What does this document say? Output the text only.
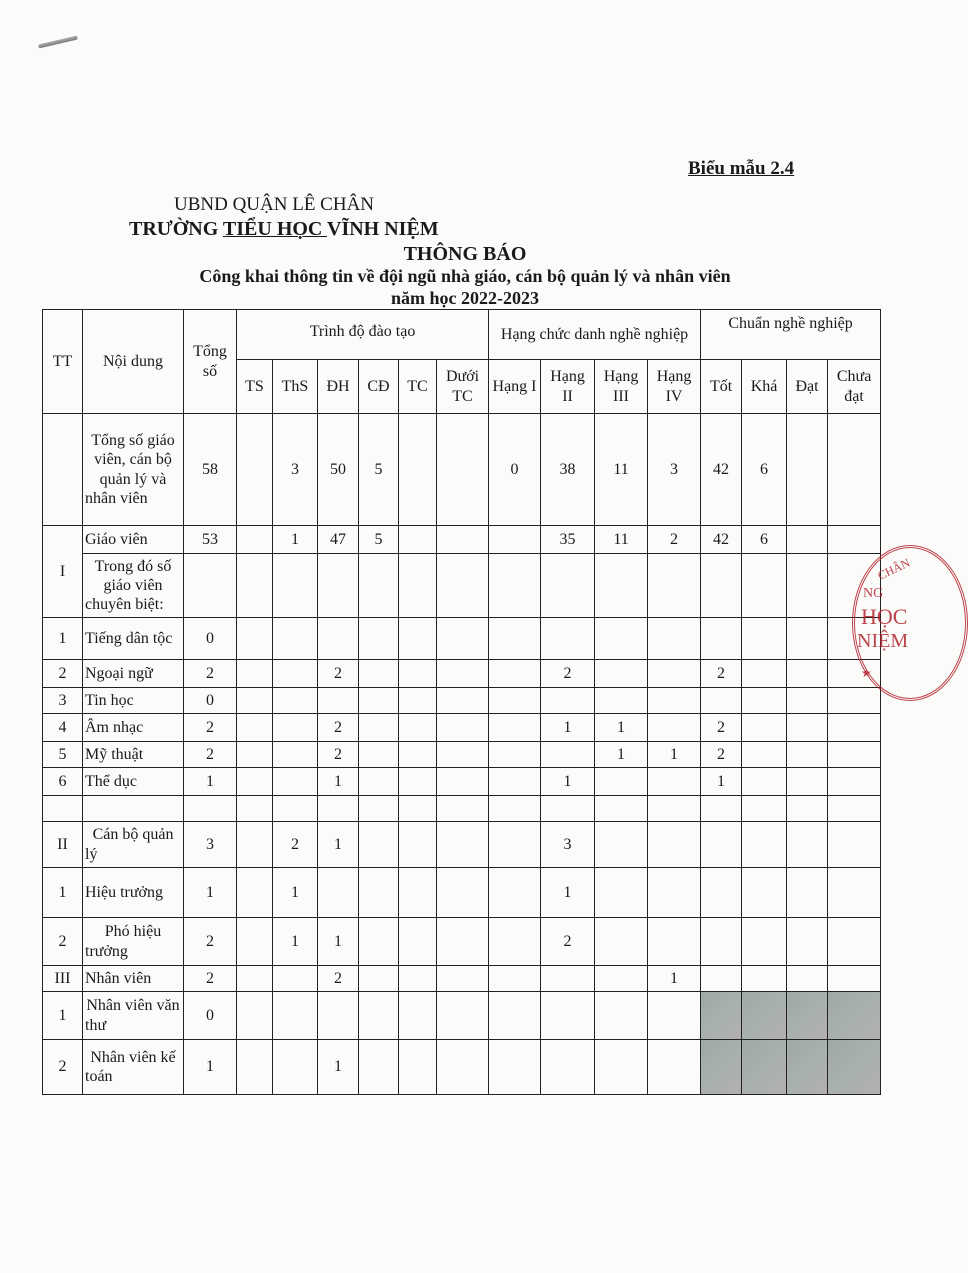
Biểu mẫu 2.4
UBND QUẬN LÊ CHÂN
TRƯỜNG TIỂU HỌC VĨNH NIỆM
THÔNG BÁO
Công khai thông tin về đội ngũ nhà giáo, cán bộ quản lý và nhân viên
năm học 2022-2023
TT	Nội dung	Tổng số	Trình độ đào tạo						Hạng chức danh nghề nghiệp				Chuẩn nghề nghiệp			
			TS	ThS	ĐH	CĐ	TC	Dưới TC	Hạng I	Hạng II	Hạng III	Hạng IV	Tốt	Khá	Đạt	Chưa đạt
	Tổng số giáo viên, cán bộ quản lý và nhân viên	58		3	50	5			0	38	11	3	42	6		
I	Giáo viên	53		1	47	5				35	11	2	42	6		
	Trong đó số giáo viên chuyên biệt:															
1	Tiếng dân tộc	0														
2	Ngoại ngữ	2			2					2			2			
3	Tin học	0														
4	Âm nhạc	2			2					1	1		2			
5	Mỹ thuật	2			2						1	1	2			
6	Thể dục	1			1					1			1			

II	Cán bộ quản lý	3		2	1					3						
1	Hiệu trưởng	1		1						1						
2	Phó hiệu trưởng	2		1	1					2						
III	Nhân viên	2			2							1				
1	Nhân viên văn thư	0														
2	Nhân viên kế toán	1			1											
CHÂN
NG
HỌC
NIỆM
★
